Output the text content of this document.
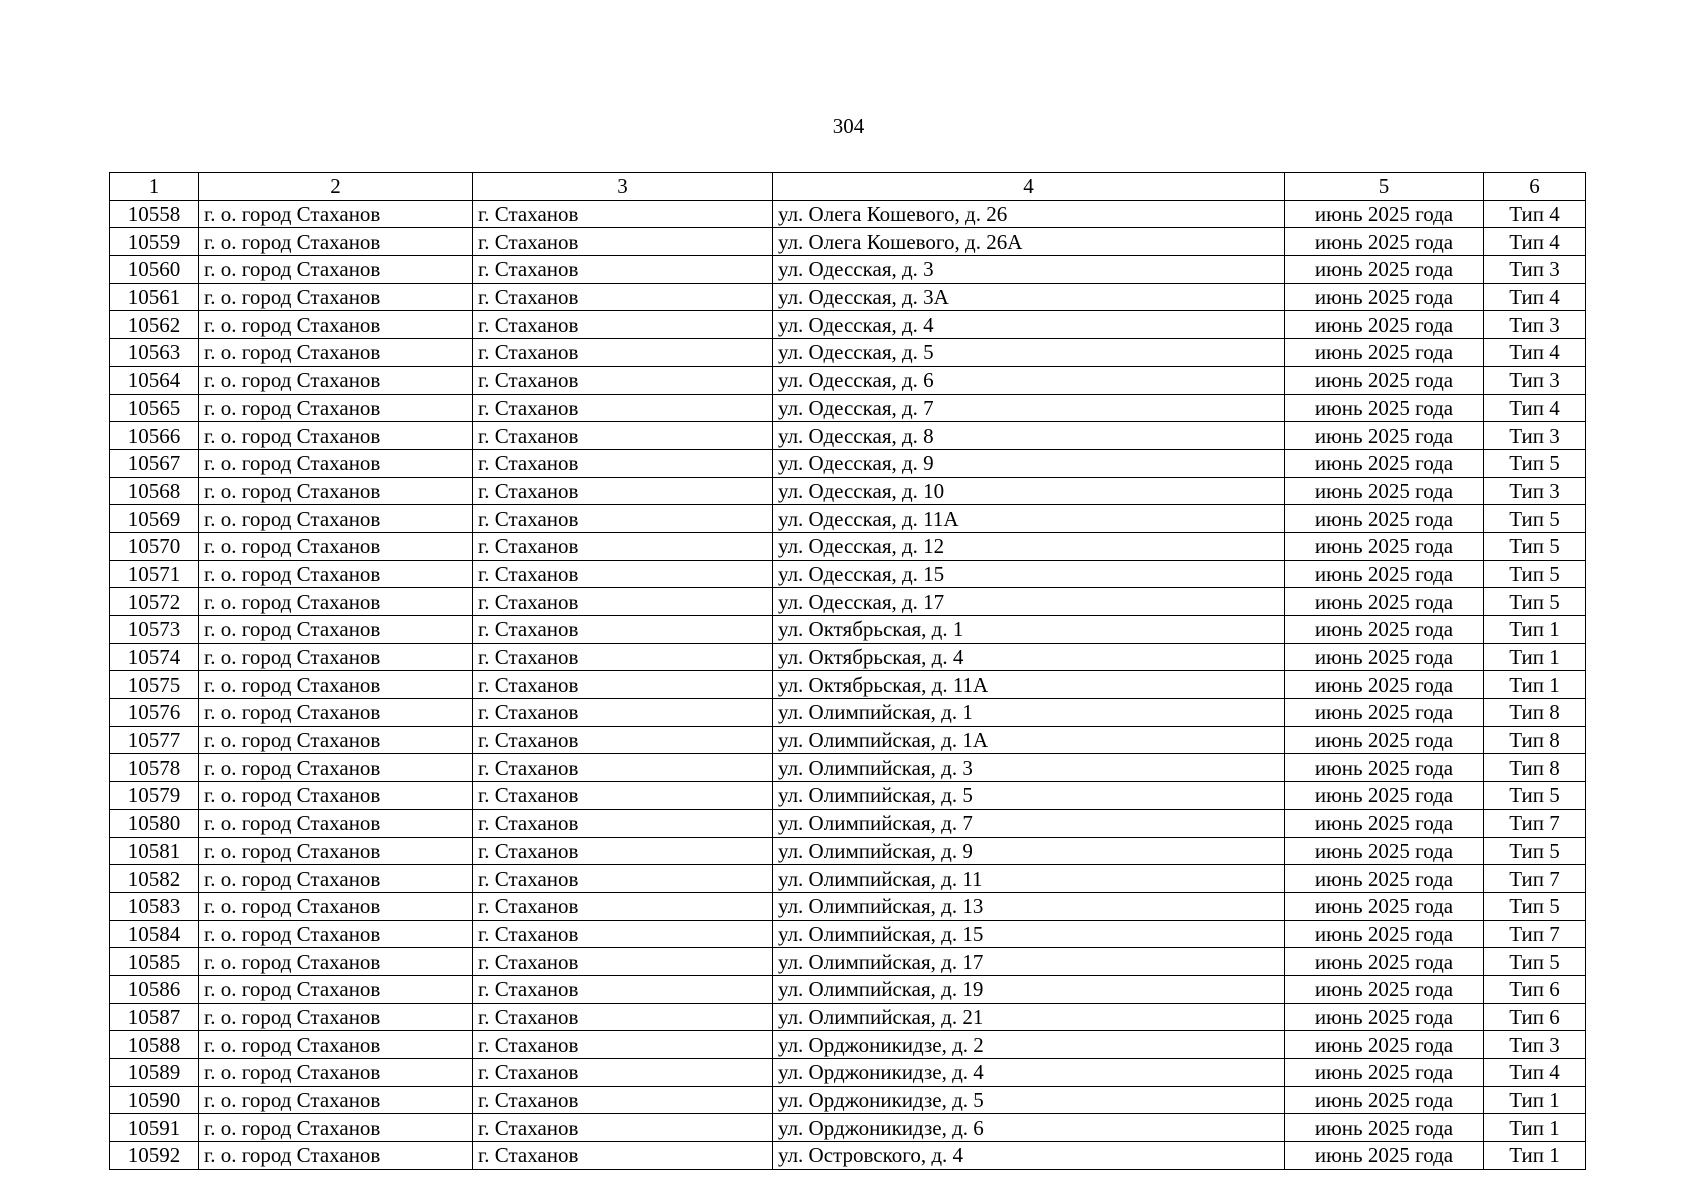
304
1	2	3	4	5	6
10558	г. о. город Стаханов	г. Стаханов	ул. Олега Кошевого, д. 26	июнь 2025 года	Тип 4
10559	г. о. город Стаханов	г. Стаханов	ул. Олега Кошевого, д. 26А	июнь 2025 года	Тип 4
10560	г. о. город Стаханов	г. Стаханов	ул. Одесская, д. 3	июнь 2025 года	Тип 3
10561	г. о. город Стаханов	г. Стаханов	ул. Одесская, д. 3А	июнь 2025 года	Тип 4
10562	г. о. город Стаханов	г. Стаханов	ул. Одесская, д. 4	июнь 2025 года	Тип 3
10563	г. о. город Стаханов	г. Стаханов	ул. Одесская, д. 5	июнь 2025 года	Тип 4
10564	г. о. город Стаханов	г. Стаханов	ул. Одесская, д. 6	июнь 2025 года	Тип 3
10565	г. о. город Стаханов	г. Стаханов	ул. Одесская, д. 7	июнь 2025 года	Тип 4
10566	г. о. город Стаханов	г. Стаханов	ул. Одесская, д. 8	июнь 2025 года	Тип 3
10567	г. о. город Стаханов	г. Стаханов	ул. Одесская, д. 9	июнь 2025 года	Тип 5
10568	г. о. город Стаханов	г. Стаханов	ул. Одесская, д. 10	июнь 2025 года	Тип 3
10569	г. о. город Стаханов	г. Стаханов	ул. Одесская, д. 11А	июнь 2025 года	Тип 5
10570	г. о. город Стаханов	г. Стаханов	ул. Одесская, д. 12	июнь 2025 года	Тип 5
10571	г. о. город Стаханов	г. Стаханов	ул. Одесская, д. 15	июнь 2025 года	Тип 5
10572	г. о. город Стаханов	г. Стаханов	ул. Одесская, д. 17	июнь 2025 года	Тип 5
10573	г. о. город Стаханов	г. Стаханов	ул. Октябрьская, д. 1	июнь 2025 года	Тип 1
10574	г. о. город Стаханов	г. Стаханов	ул. Октябрьская, д. 4	июнь 2025 года	Тип 1
10575	г. о. город Стаханов	г. Стаханов	ул. Октябрьская, д. 11А	июнь 2025 года	Тип 1
10576	г. о. город Стаханов	г. Стаханов	ул. Олимпийская, д. 1	июнь 2025 года	Тип 8
10577	г. о. город Стаханов	г. Стаханов	ул. Олимпийская, д. 1А	июнь 2025 года	Тип 8
10578	г. о. город Стаханов	г. Стаханов	ул. Олимпийская, д. 3	июнь 2025 года	Тип 8
10579	г. о. город Стаханов	г. Стаханов	ул. Олимпийская, д. 5	июнь 2025 года	Тип 5
10580	г. о. город Стаханов	г. Стаханов	ул. Олимпийская, д. 7	июнь 2025 года	Тип 7
10581	г. о. город Стаханов	г. Стаханов	ул. Олимпийская, д. 9	июнь 2025 года	Тип 5
10582	г. о. город Стаханов	г. Стаханов	ул. Олимпийская, д. 11	июнь 2025 года	Тип 7
10583	г. о. город Стаханов	г. Стаханов	ул. Олимпийская, д. 13	июнь 2025 года	Тип 5
10584	г. о. город Стаханов	г. Стаханов	ул. Олимпийская, д. 15	июнь 2025 года	Тип 7
10585	г. о. город Стаханов	г. Стаханов	ул. Олимпийская, д. 17	июнь 2025 года	Тип 5
10586	г. о. город Стаханов	г. Стаханов	ул. Олимпийская, д. 19	июнь 2025 года	Тип 6
10587	г. о. город Стаханов	г. Стаханов	ул. Олимпийская, д. 21	июнь 2025 года	Тип 6
10588	г. о. город Стаханов	г. Стаханов	ул. Орджоникидзе, д. 2	июнь 2025 года	Тип 3
10589	г. о. город Стаханов	г. Стаханов	ул. Орджоникидзе, д. 4	июнь 2025 года	Тип 4
10590	г. о. город Стаханов	г. Стаханов	ул. Орджоникидзе, д. 5	июнь 2025 года	Тип 1
10591	г. о. город Стаханов	г. Стаханов	ул. Орджоникидзе, д. 6	июнь 2025 года	Тип 1
10592	г. о. город Стаханов	г. Стаханов	ул. Островского, д. 4	июнь 2025 года	Тип 1
